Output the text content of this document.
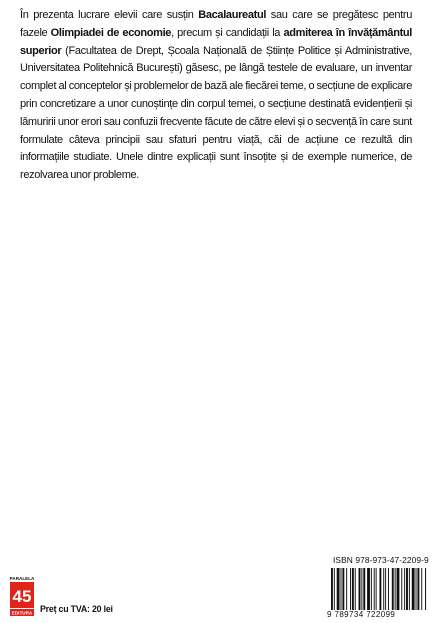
În prezenta lucrare elevii care susțin Bacalaureatul sau care se pregătesc pentru fazele Olimpiadei de economie, precum și candidații la admiterea în învățământul superior (Facultatea de Drept, Școala Națională de Științe Politice și Administrative, Universitatea Politehnică București) găsesc, pe lângă testele de evaluare, un inventar complet al conceptelor și problemelor de bază ale fiecărei teme, o secțiune de explicare prin concretizare a unor cunoștințe din corpul temei, o secțiune destinată evidențierii și lămuririi unor erori sau confuzii frecvente făcute de către elevi și o secvență în care sunt formulate câteva principii sau sfaturi pentru viață, căi de acțiune ce rezultă din informațiile studiate. Unele dintre explicații sunt însoțite și de exemple numerice, de rezolvarea unor probleme.

ISBN 978-973-47-2209-9
9 789734 722099
PARALELA
45
EDITURA Preț cu TVA: 20 lei
